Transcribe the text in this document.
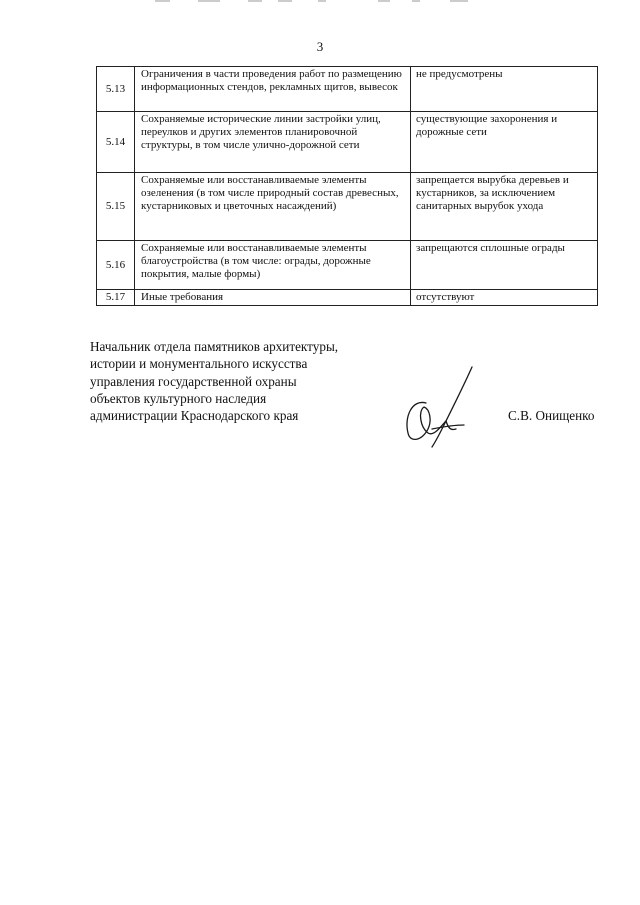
3
5.13	Ограничения в части проведения работ по размещению информационных стендов, рекламных щитов, вывесок	не предусмотрены
5.14	Сохраняемые исторические линии застройки улиц, переулков и других элементов планировочной структуры, в том числе улично-дорожной сети	существующие захоронения и дорожные сети
5.15	Сохраняемые или восстанавливаемые элементы озеленения (в том числе природный состав древесных, кустарниковых и цветочных насаждений)	запрещается вырубка деревьев и кустарников, за исключением санитарных вырубок ухода
5.16	Сохраняемые или восстанавливаемые элементы благоустройства (в том числе: ограды, дорожные покрытия, малые формы)	запрещаются сплошные ограды
5.17	Иные требования	отсутствуют
Начальник отдела памятников архитектуры,
истории и монументального искусства
управления государственной охраны
объектов культурного наследия
администрации Краснодарского края	С.В. Онищенко
